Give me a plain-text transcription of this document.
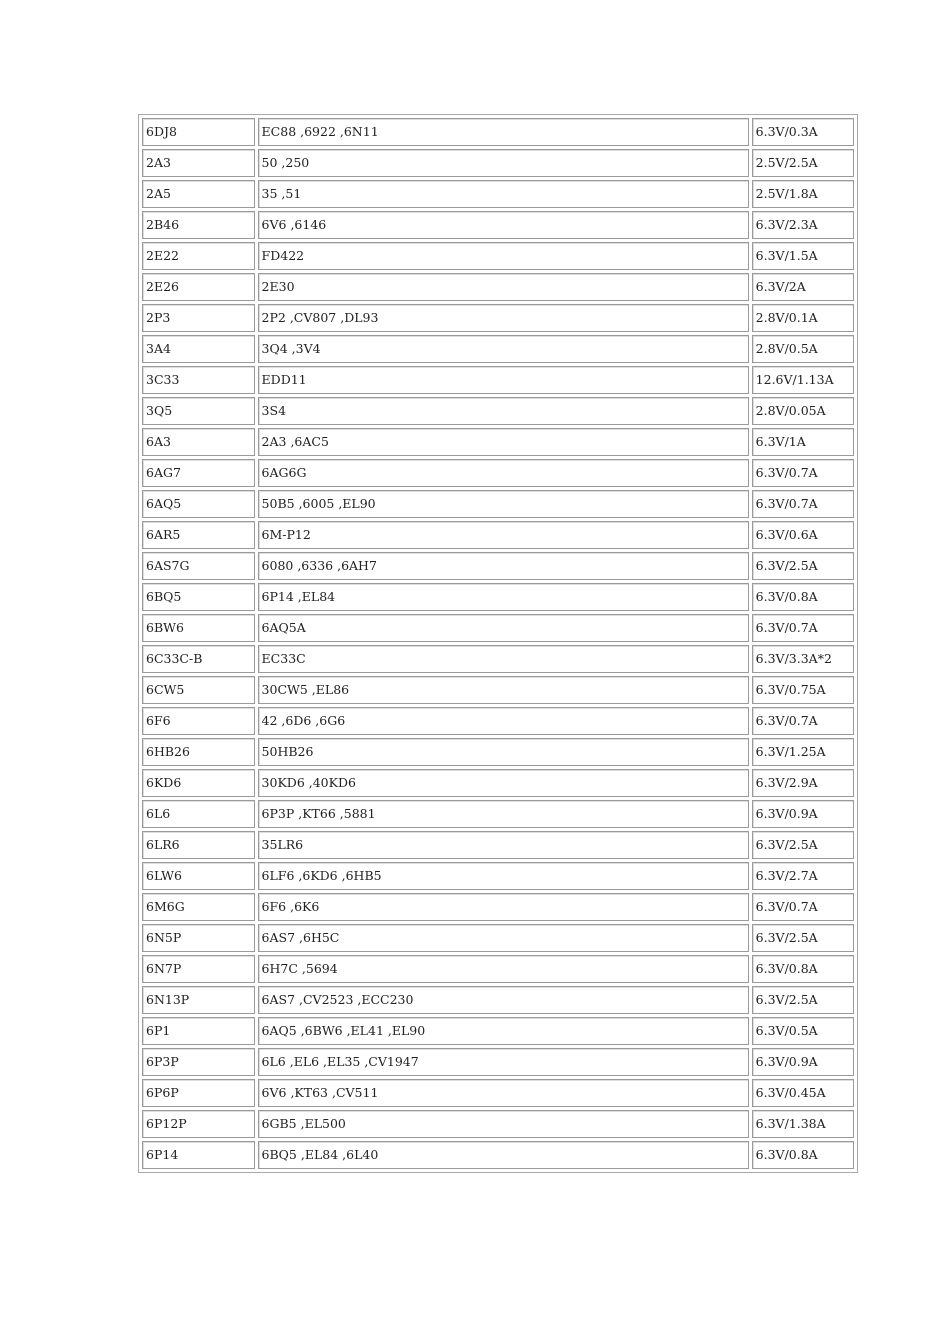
6DJ8	EC88 ,6922 ,6N11	6.3V/0.3A
2A3	50 ,250	2.5V/2.5A
2A5	35 ,51	2.5V/1.8A
2B46	6V6 ,6146	6.3V/2.3A
2E22	FD422	6.3V/1.5A
2E26	2E30	6.3V/2A
2P3	2P2 ,CV807 ,DL93	2.8V/0.1A
3A4	3Q4 ,3V4	2.8V/0.5A
3C33	EDD11	12.6V/1.13A
3Q5	3S4	2.8V/0.05A
6A3	2A3 ,6AC5	6.3V/1A
6AG7	6AG6G	6.3V/0.7A
6AQ5	50B5 ,6005 ,EL90	6.3V/0.7A
6AR5	6M-P12	6.3V/0.6A
6AS7G	6080 ,6336 ,6AH7	6.3V/2.5A
6BQ5	6P14 ,EL84	6.3V/0.8A
6BW6	6AQ5A	6.3V/0.7A
6C33C-B	EC33C	6.3V/3.3A*2
6CW5	30CW5 ,EL86	6.3V/0.75A
6F6	42 ,6D6 ,6G6	6.3V/0.7A
6HB26	50HB26	6.3V/1.25A
6KD6	30KD6 ,40KD6	6.3V/2.9A
6L6	6P3P ,KT66 ,5881	6.3V/0.9A
6LR6	35LR6	6.3V/2.5A
6LW6	6LF6 ,6KD6 ,6HB5	6.3V/2.7A
6M6G	6F6 ,6K6	6.3V/0.7A
6N5P	6AS7 ,6H5C	6.3V/2.5A
6N7P	6H7C ,5694	6.3V/0.8A
6N13P	6AS7 ,CV2523 ,ECC230	6.3V/2.5A
6P1	6AQ5 ,6BW6 ,EL41 ,EL90	6.3V/0.5A
6P3P	6L6 ,EL6 ,EL35 ,CV1947	6.3V/0.9A
6P6P	6V6 ,KT63 ,CV511	6.3V/0.45A
6P12P	6GB5 ,EL500	6.3V/1.38A
6P14	6BQ5 ,EL84 ,6L40	6.3V/0.8A
